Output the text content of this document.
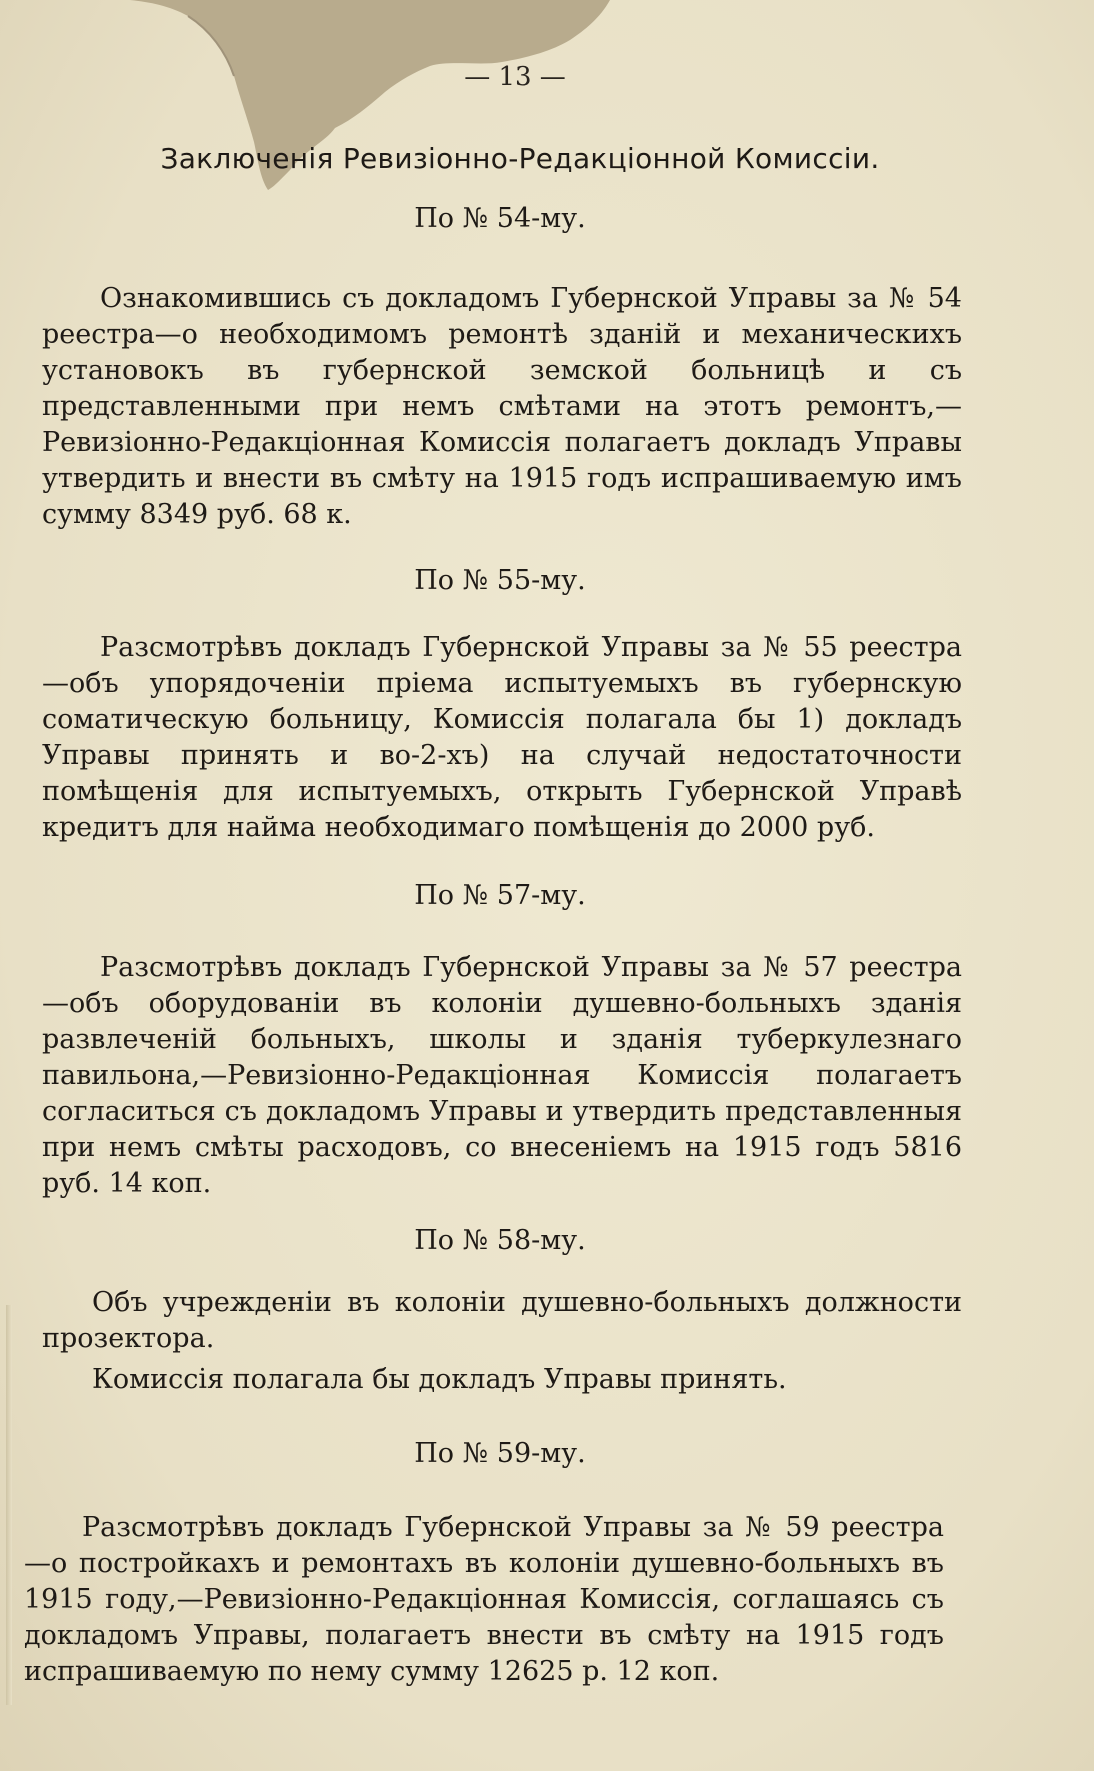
— 13 —
Заключенія Ревизіонно-Редакціонной Комиссіи.
По № 54-му.

Ознакомившись съ докладомъ Губернской Управы за № 54 реестра—о необходимомъ ремонтѣ зданій и механическихъ установокъ въ губернской земской больницѣ и съ представленными при немъ смѣтами на этотъ ремонтъ,—Ревизіонно-Редакціонная Комиссія полагаетъ докладъ Управы утвердить и внести въ смѣту на 1915 годъ испрашиваемую имъ сумму 8349 руб. 68 к.

По № 55-му.

Разсмотрѣвъ докладъ Губернской Управы за № 55 реестра—объ упорядоченіи пріема испытуемыхъ въ губернскую соматическую больницу, Комиссія полагала бы 1) докладъ Управы принять и во-2-хъ) на случай недостаточности помѣщенія для испытуемыхъ, открыть Губернской Управѣ кредитъ для найма необходимаго помѣщенія до 2000 руб.

По № 57-му.

Разсмотрѣвъ докладъ Губернской Управы за № 57 реестра—объ оборудованіи въ колоніи душевно-больныхъ зданія развлеченій больныхъ, школы и зданія туберкулезнаго павильона,—Ревизіонно-Редакціонная Комиссія полагаетъ согласиться съ докладомъ Управы и утвердить представленныя при немъ смѣты расходовъ, со внесеніемъ на 1915 годъ 5816 руб. 14 коп.

По № 58-му.

Объ учрежденіи въ колоніи душевно-больныхъ должности прозектора.

Комиссія полагала бы докладъ Управы принять.

По № 59-му.

Разсмотрѣвъ докладъ Губернской Управы за № 59 реестра—о постройкахъ и ремонтахъ въ колоніи душевно-больныхъ въ 1915 году,—Ревизіонно-Редакціонная Комиссія, соглашаясь съ докладомъ Управы, полагаетъ внести въ смѣту на 1915 годъ испрашиваемую по нему сумму 12625 р. 12 коп.
